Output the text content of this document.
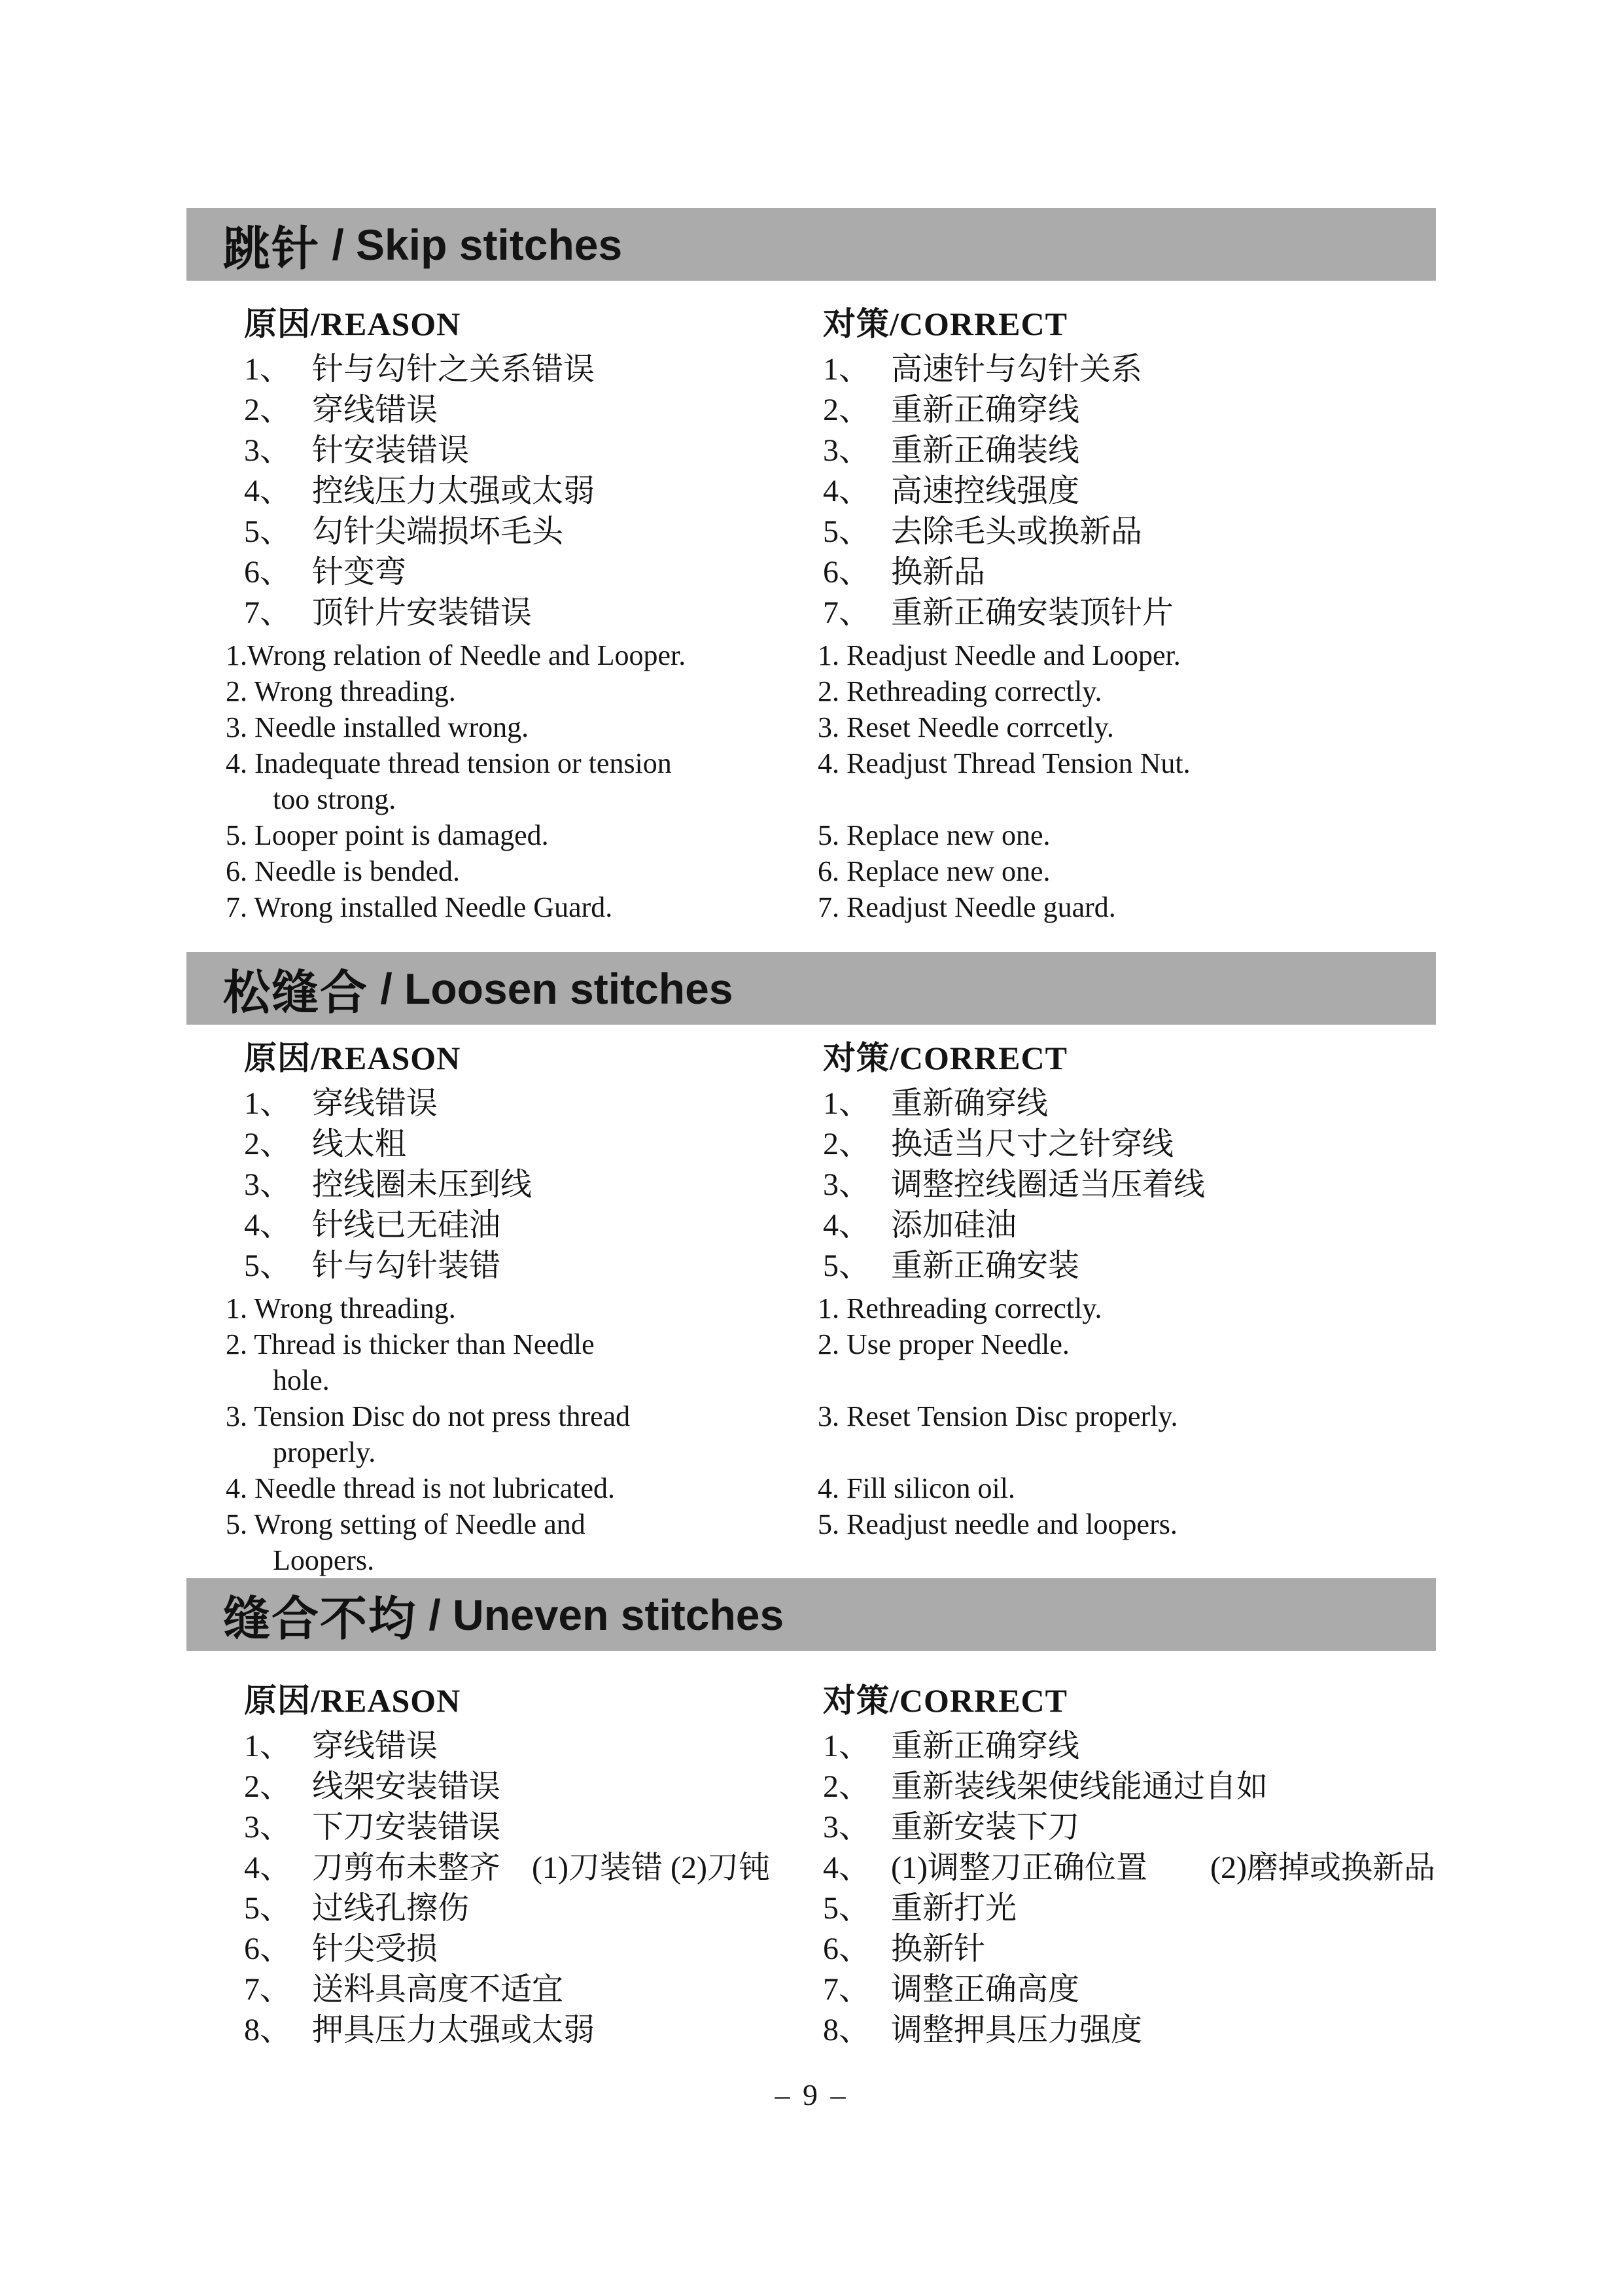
跳针 / Skip stitches
原因/REASON
1、 针与勾针之关系错误
2、 穿线错误
3、 针安装错误
4、 控线压力太强或太弱
5、 勾针尖端损坏毛头
6、 针变弯
7、 顶针片安装错误
1.Wrong relation of Needle and Looper.
2. Wrong threading.
3. Needle installed wrong.
4. Inadequate thread tension or tension
too strong.
5. Looper point is damaged.
6. Needle is bended.
7. Wrong installed Needle Guard.
对策/CORRECT
1、 高速针与勾针关系
2、 重新正确穿线
3、 重新正确装线
4、 高速控线强度
5、 去除毛头或换新品
6、 换新品
7、 重新正确安装顶针片
1. Readjust Needle and Looper.
2. Rethreading correctly.
3. Reset Needle corrcetly.
4. Readjust Thread Tension Nut.
5. Replace new one.
6. Replace new one.
7. Readjust Needle guard.
松缝合 / Loosen stitches
原因/REASON
1、 穿线错误
2、 线太粗
3、 控线圈未压到线
4、 针线已无硅油
5、 针与勾针装错
1. Wrong threading.
2. Thread is thicker than Needle
hole.
3. Tension Disc do not press thread
properly.
4. Needle thread is not lubricated.
5. Wrong setting of Needle and
Loopers.
对策/CORRECT
1、 重新确穿线
2、 换适当尺寸之针穿线
3、 调整控线圈适当压着线
4、 添加硅油
5、 重新正确安装
1. Rethreading correctly.
2. Use proper Needle.
3. Reset Tension Disc properly.
4. Fill silicon oil.
5. Readjust needle and loopers.
缝合不均 / Uneven stitches
原因/REASON
1、 穿线错误
2、 线架安装错误
3、 下刀安装错误
4、 刀剪布未整齐　(1)刀装错 (2)刀钝
5、 过线孔擦伤
6、 针尖受损
7、 送料具高度不适宜
8、 押具压力太强或太弱
对策/CORRECT
1、 重新正确穿线
2、 重新装线架使线能通过自如
3、 重新安装下刀
4、 (1)调整刀正确位置　　(2)磨掉或换新品
5、 重新打光
6、 换新针
7、 调整正确高度
8、 调整押具压力强度
– 9 –
